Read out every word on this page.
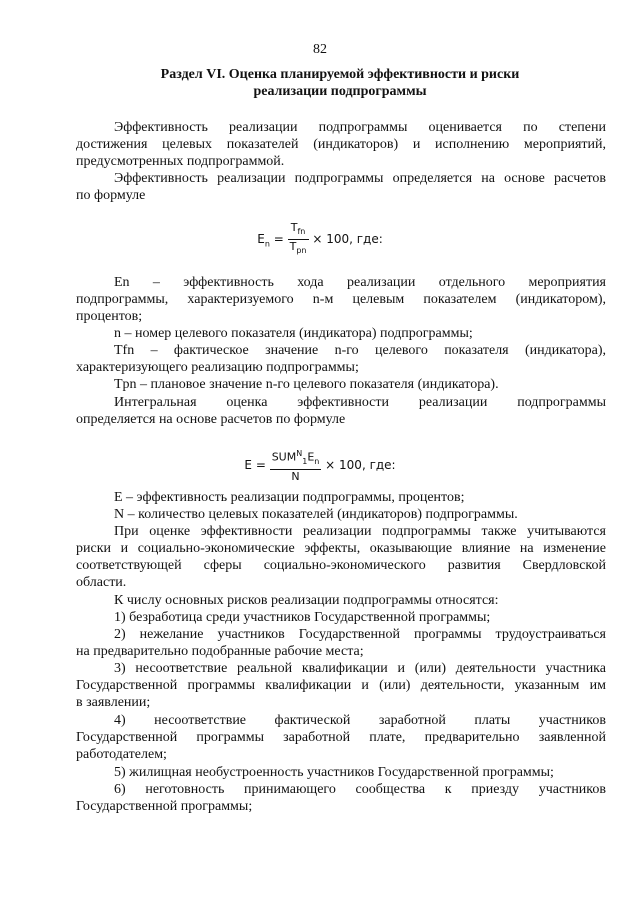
82
Раздел VI. Оценка планируемой эффективности и риски
реализации подпрограммы
Эффективность реализации подпрограммы оценивается по степени
достижения целевых показателей (индикаторов) и исполнению мероприятий,
предусмотренных подпрограммой.
Эффективность реализации подпрограммы определяется на основе расчетов
по формуле
$E_n = \frac{T_{fn}}{T_{pn}} \times 100$, где:
Еn – эффективность хода реализации отдельного мероприятия
подпрограммы, характеризуемого n-м целевым показателем (индикатором),
процентов;
n – номер целевого показателя (индикатора) подпрограммы;
Тfn – фактическое значение n-го целевого показателя (индикатора),
характеризующего реализацию подпрограммы;
Тpn – плановое значение n-го целевого показателя (индикатора).
Интегральная оценка эффективности реализации подпрограммы
определяется на основе расчетов по формуле
$E = \frac{SUM^N_1E_n}{N} \times 100$, где:
Е – эффективность реализации подпрограммы, процентов;
N – количество целевых показателей (индикаторов) подпрограммы.
При оценке эффективности реализации подпрограммы также учитываются
риски и социально-экономические эффекты, оказывающие влияние на изменение
соответствующей сферы социально-экономического развития Свердловской
области.
К числу основных рисков реализации подпрограммы относятся:
1) безработица среди участников Государственной программы;
2) нежелание участников Государственной программы трудоустраиваться
на предварительно подобранные рабочие места;
3) несоответствие реальной квалификации и (или) деятельности участника
Государственной программы квалификации и (или) деятельности, указанным им
в заявлении;
4) несоответствие фактической заработной платы участников
Государственной программы заработной плате, предварительно заявленной
работодателем;
5) жилищная необустроенность участников Государственной программы;
6) неготовность принимающего сообщества к приезду участников
Государственной программы;
